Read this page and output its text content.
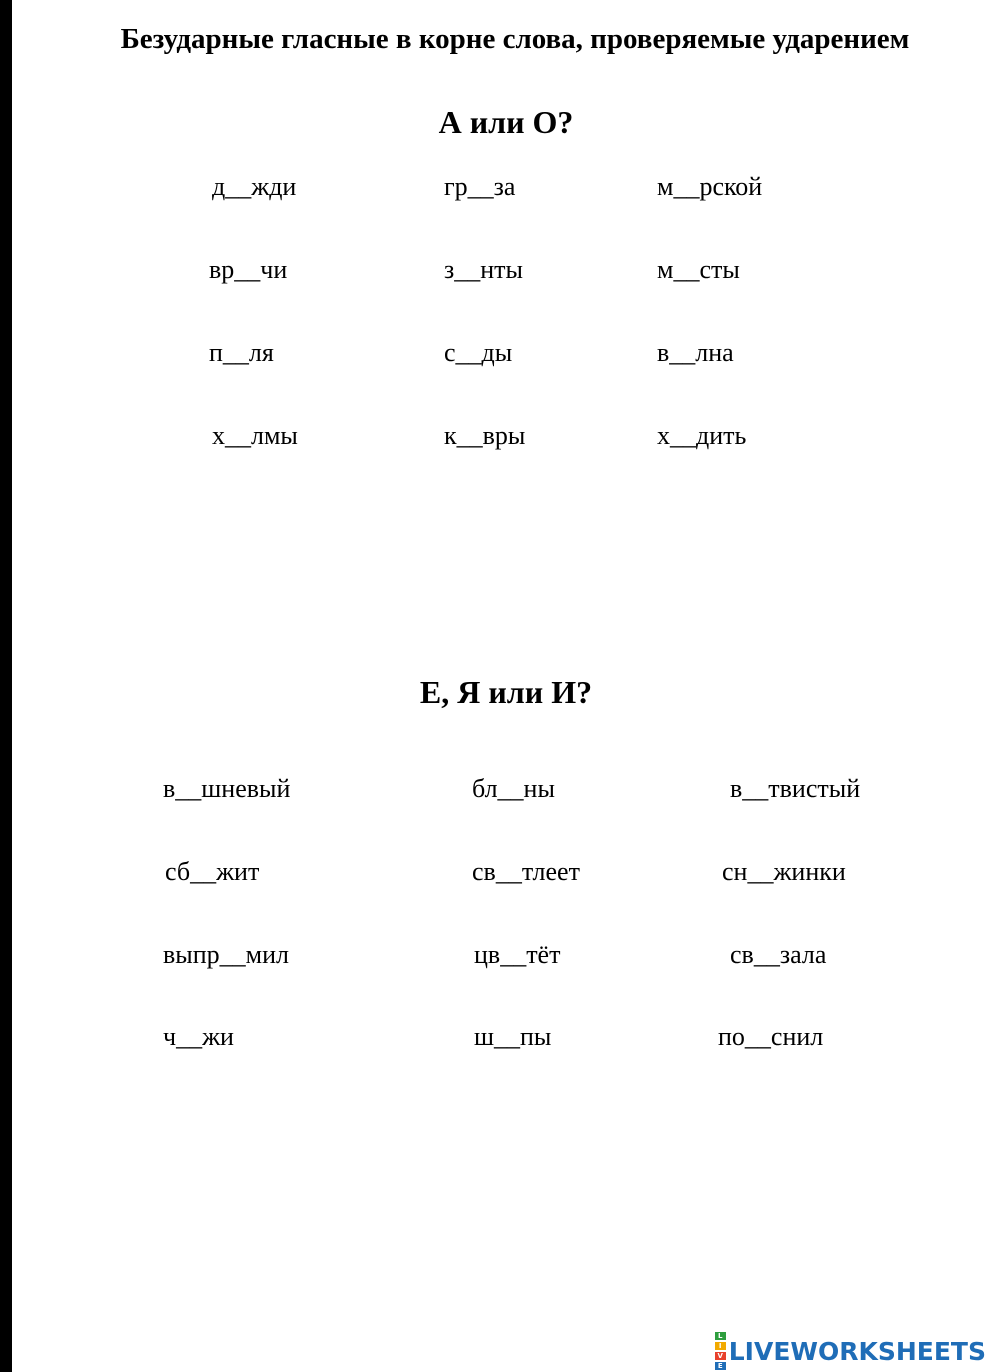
Безударные гласные в корне слова, проверяемые ударением
А или О?
д__жди	гр__за	м__рской
вр__чи	з__нты	м__сты
п__ля	с__ды	в__лна
х__лмы	к__вры	х__дить
Е, Я или И?
в__шневый	бл__ны	в__твистый
сб__жит	св__тлеет	сн__жинки
выпр__мил	цв__тёт	св__зала
ч__жи	ш__пы	по__снил
L
I
V
E
LIVEWORKSHEETS
